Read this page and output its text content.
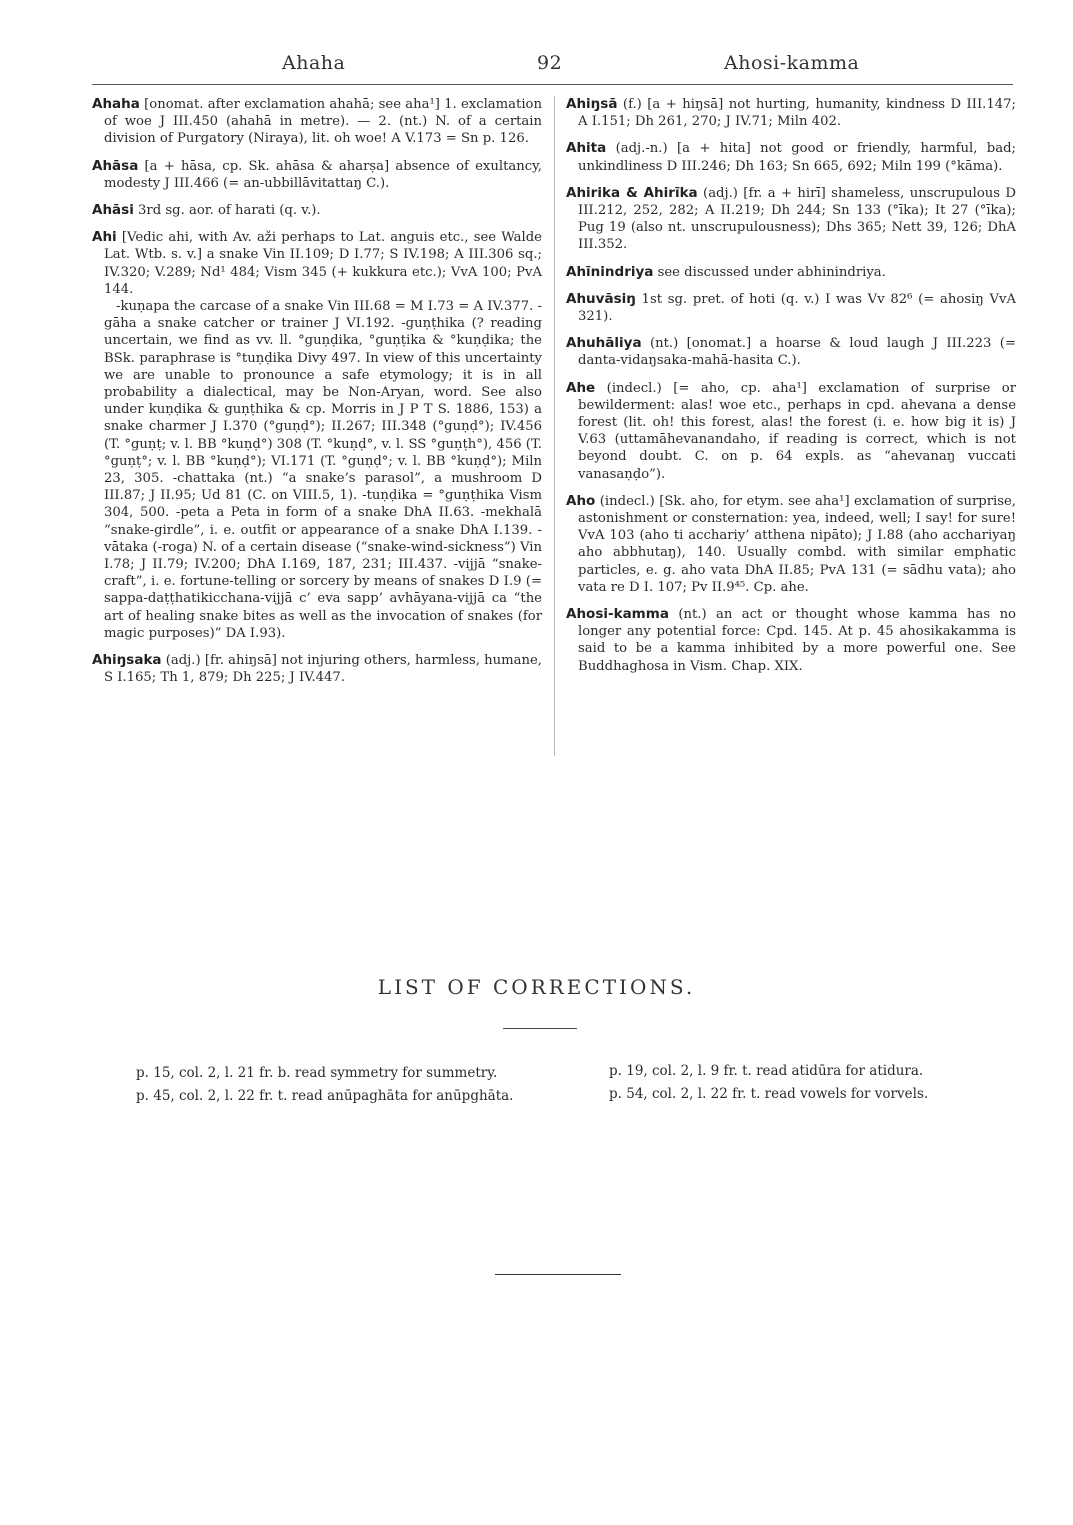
Ahaha	92	Ahosi-kamma
Ahaha [onomat. after exclamation ahahā; see aha¹] 1. exclamation of woe J III.450 (ahahā in metre). — 2. (nt.) N. of a certain division of Purgatory (Niraya), lit. oh woe! A V.173 = Sn p. 126.
Ahāsa [a + hāsa, cp. Sk. ahāsa & aharṣa] absence of exultancy, modesty J III.466 (= an-ubbillāvitattaŋ C.).
Ahāsi 3rd sg. aor. of harati (q. v.).
Ahi [Vedic ahi, with Av. aži perhaps to Lat. anguis etc., see Walde Lat. Wtb. s. v.] a snake Vin II.109; D I.77; S IV.198; A III.306 sq.; IV.320; V.289; Nd¹ 484; Vism 345 (+ kukkura etc.); VvA 100; PvA 144.
-kuṇapa the carcase of a snake Vin III.68 = M I.73 = A IV.377. -gāha a snake catcher or trainer J VI.192. -guṇṭhika (? reading uncertain, we find as vv. ll. °guṇḍika, °guṇṭika & °kuṇḍika; the BSk. paraphrase is °tuṇḍika Divy 497. In view of this uncertainty we are unable to pronounce a safe etymology; it is in all probability a dialectical, may be Non-Aryan, word. See also under kuṇḍika & guṇṭhika & cp. Morris in J P T S. 1886, 153) a snake charmer J I.370 (°guṇḍ°); II.267; III.348 (°guṇḍ°); IV.456 (T. °guṇṭ; v. l. BB °kuṇḍ°) 308 (T. °kuṇḍ°, v. l. SS °guṇṭh°), 456 (T. °guṇṭ°; v. l. BB °kuṇḍ°); VI.171 (T. °guṇḍ°; v. l. BB °kuṇḍ°); Miln 23, 305. -chattaka (nt.) “a snake’s parasol”, a mushroom D III.87; J II.95; Ud 81 (C. on VIII.5, 1). -tuṇḍika = °guṇṭhika Vism 304, 500. -peta a Peta in form of a snake DhA II.63. -mekhalā “snake-girdle”, i. e. outfit or appearance of a snake DhA I.139. -vātaka (-roga) N. of a certain disease (“snake-wind-sickness”) Vin I.78; J II.79; IV.200; DhA I.169, 187, 231; III.437. -vijjā “snake-craft”, i. e. fortune-telling or sorcery by means of snakes D I.9 (= sappa-daṭṭhatikicchana-vijjā c’ eva sapp’ avhāyana-vijjā ca “the art of healing snake bites as well as the invocation of snakes (for magic purposes)” DA I.93).
Ahiŋsaka (adj.) [fr. ahiŋsā] not injuring others, harmless, humane, S I.165; Th 1, 879; Dh 225; J IV.447.
Ahiŋsā (f.) [a + hiŋsā] not hurting, humanity, kindness D III.147; A I.151; Dh 261, 270; J IV.71; Miln 402.
Ahita (adj.-n.) [a + hita] not good or friendly, harmful, bad; unkindliness D III.246; Dh 163; Sn 665, 692; Miln 199 (°kāma).
Ahirika & Ahirīka (adj.) [fr. a + hirī] shameless, unscrupulous D III.212, 252, 282; A II.219; Dh 244; Sn 133 (°īka); It 27 (°īka); Pug 19 (also nt. unscrupulousness); Dhs 365; Nett 39, 126; DhA III.352.
Ahīnindriya see discussed under abhinindriya.
Ahuvāsiŋ 1st sg. pret. of hoti (q. v.) I was Vv 82⁶ (= ahosiŋ VvA 321).
Ahuhāliya (nt.) [onomat.] a hoarse & loud laugh J III.223 (= danta-vidaŋsaka-mahā-hasita C.).
Ahe (indecl.) [= aho, cp. aha¹] exclamation of surprise or bewilderment: alas! woe etc., perhaps in cpd. ahevana a dense forest (lit. oh! this forest, alas! the forest (i. e. how big it is) J V.63 (uttamāhevanandaho, if reading is correct, which is not beyond doubt. C. on p. 64 expls. as “ahevanaŋ vuccati vanasaṇḍo”).
Aho (indecl.) [Sk. aho, for etym. see aha¹] exclamation of surprise, astonishment or consternation: yea, indeed, well; I say! for sure! VvA 103 (aho ti acchariy’ atthena nipāto); J I.88 (aho acchariyaŋ aho abbhutaŋ), 140. Usually combd. with similar emphatic particles, e. g. aho vata DhA II.85; PvA 131 (= sādhu vata); aho vata re D I. 107; Pv II.9⁴⁵. Cp. ahe.
Ahosi-kamma (nt.) an act or thought whose kamma has no longer any potential force: Cpd. 145. At p. 45 ahosikakamma is said to be a kamma inhibited by a more powerful one. See Buddhaghosa in Vism. Chap. XIX.
LIST OF CORRECTIONS.
p. 15, col. 2, l. 21 fr. b. read symmetry for summetry.
p. 45, col. 2, l. 22 fr. t. read anūpaghāta for anūpghāta.
p. 19, col. 2, l. 9 fr. t. read atidūra for atidura.
p. 54, col. 2, l. 22 fr. t. read vowels for vorvels.
